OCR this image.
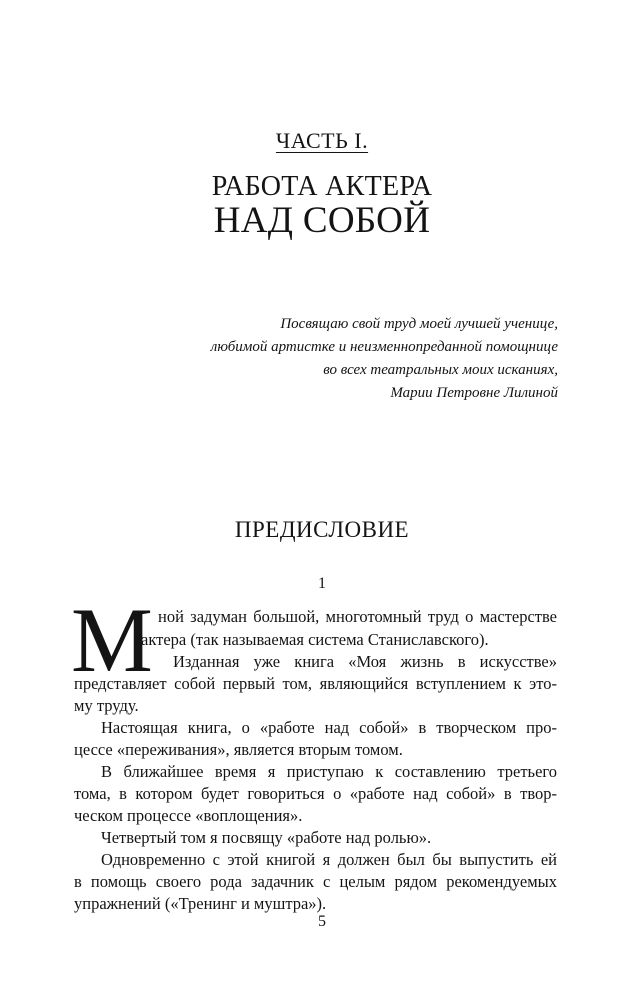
ЧАСТЬ I.
РАБОТА АКТЕРА
НАД СОБОЙ
Посвящаю свой труд моей лучшей ученице,
любимой артистке и неизменнопреданной помощнице
во всех театральных моих исканиях,
Марии Петровне Лилиной
ПРЕДИСЛОВИЕ
1
М ной задуман большой, многотомный труд о мастерстве
актера (так называемая система Станиславского).
Изданная уже книга «Моя жизнь в искусстве»
представляет собой первый том, являющийся вступлением к это-
му труду.
Настоящая книга, о «работе над собой» в творческом про-
цессе «переживания», является вторым томом.
В ближайшее время я приступаю к составлению третьего
тома, в котором будет говориться о «работе над собой» в твор-
ческом процессе «воплощения».
Четвертый том я посвящу «работе над ролью».
Одновременно с этой книгой я должен был бы выпустить ей
в помощь своего рода задачник с целым рядом рекомендуемых
упражнений («Тренинг и муштра»).
5
